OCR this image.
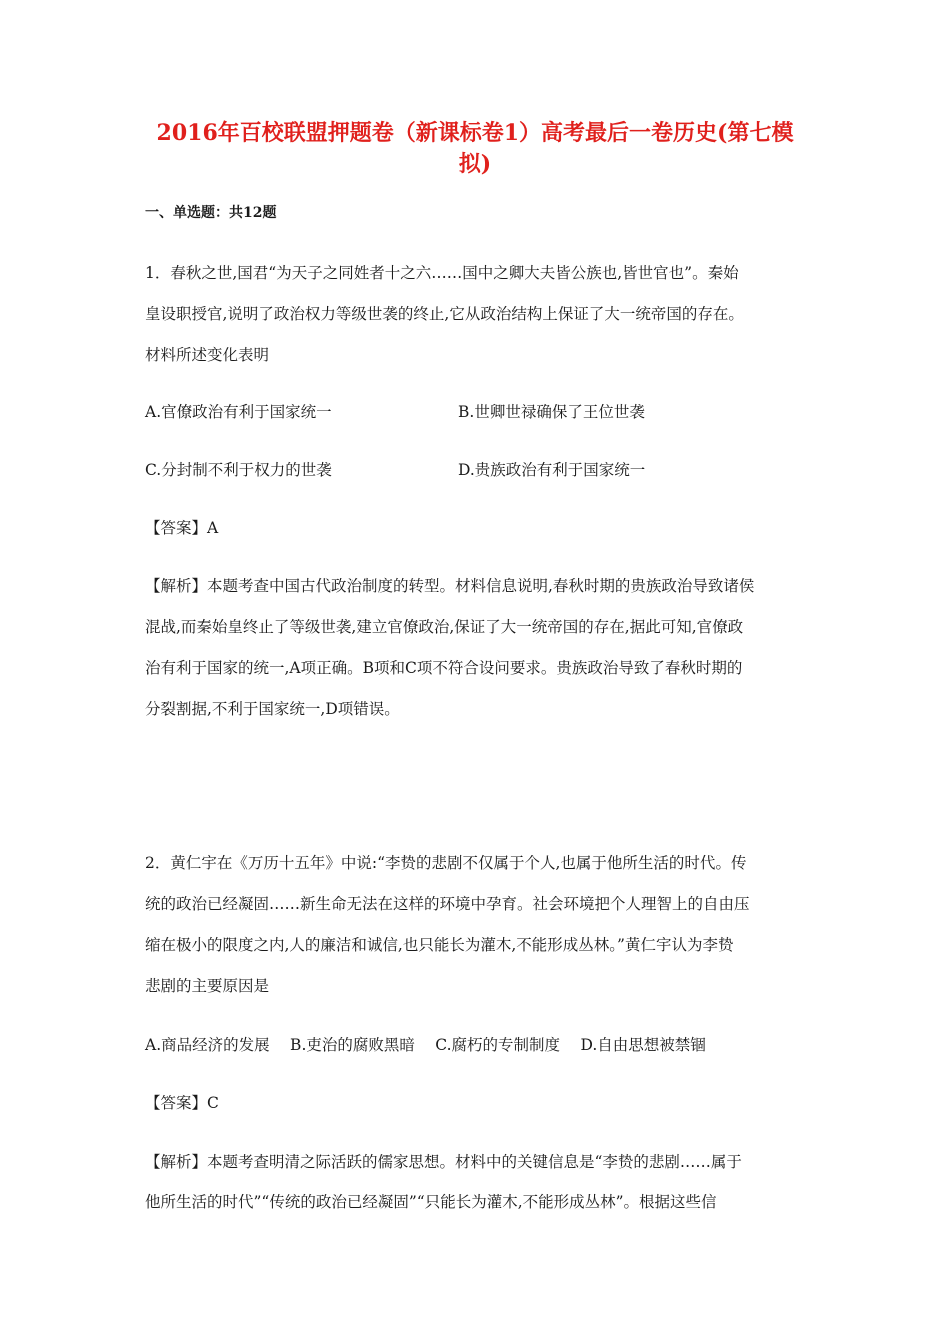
2016年百校联盟押题卷（新课标卷1）高考最后一卷历史(第七模
拟)
一、单选题：共12题
1．春秋之世,国君“为天子之同姓者十之六……国中之卿大夫皆公族也,皆世官也”。秦始
皇设职授官,说明了政治权力等级世袭的终止,它从政治结构上保证了大一统帝国的存在。
材料所述变化表明
A.官僚政治有利于国家统一	B.世卿世禄确保了王位世袭
C.分封制不利于权力的世袭	D.贵族政治有利于国家统一
【答案】A
【解析】本题考查中国古代政治制度的转型。材料信息说明,春秋时期的贵族政治导致诸侯
混战,而秦始皇终止了等级世袭,建立官僚政治,保证了大一统帝国的存在,据此可知,官僚政
治有利于国家的统一,A项正确。B项和C项不符合设问要求。贵族政治导致了春秋时期的
分裂割据,不利于国家统一,D项错误。
2．黄仁宇在《万历十五年》中说:“李贽的悲剧不仅属于个人,也属于他所生活的时代。传
统的政治已经凝固……新生命无法在这样的环境中孕育。社会环境把个人理智上的自由压
缩在极小的限度之内,人的廉洁和诚信,也只能长为灌木,不能形成丛林。”黄仁宇认为李贽
悲剧的主要原因是
A.商品经济的发展　 B.吏治的腐败黑暗　 C.腐朽的专制制度　 D.自由思想被禁锢
【答案】C
【解析】本题考查明清之际活跃的儒家思想。材料中的关键信息是“李贽的悲剧……属于
他所生活的时代”“传统的政治已经凝固”“只能长为灌木,不能形成丛林”。根据这些信
